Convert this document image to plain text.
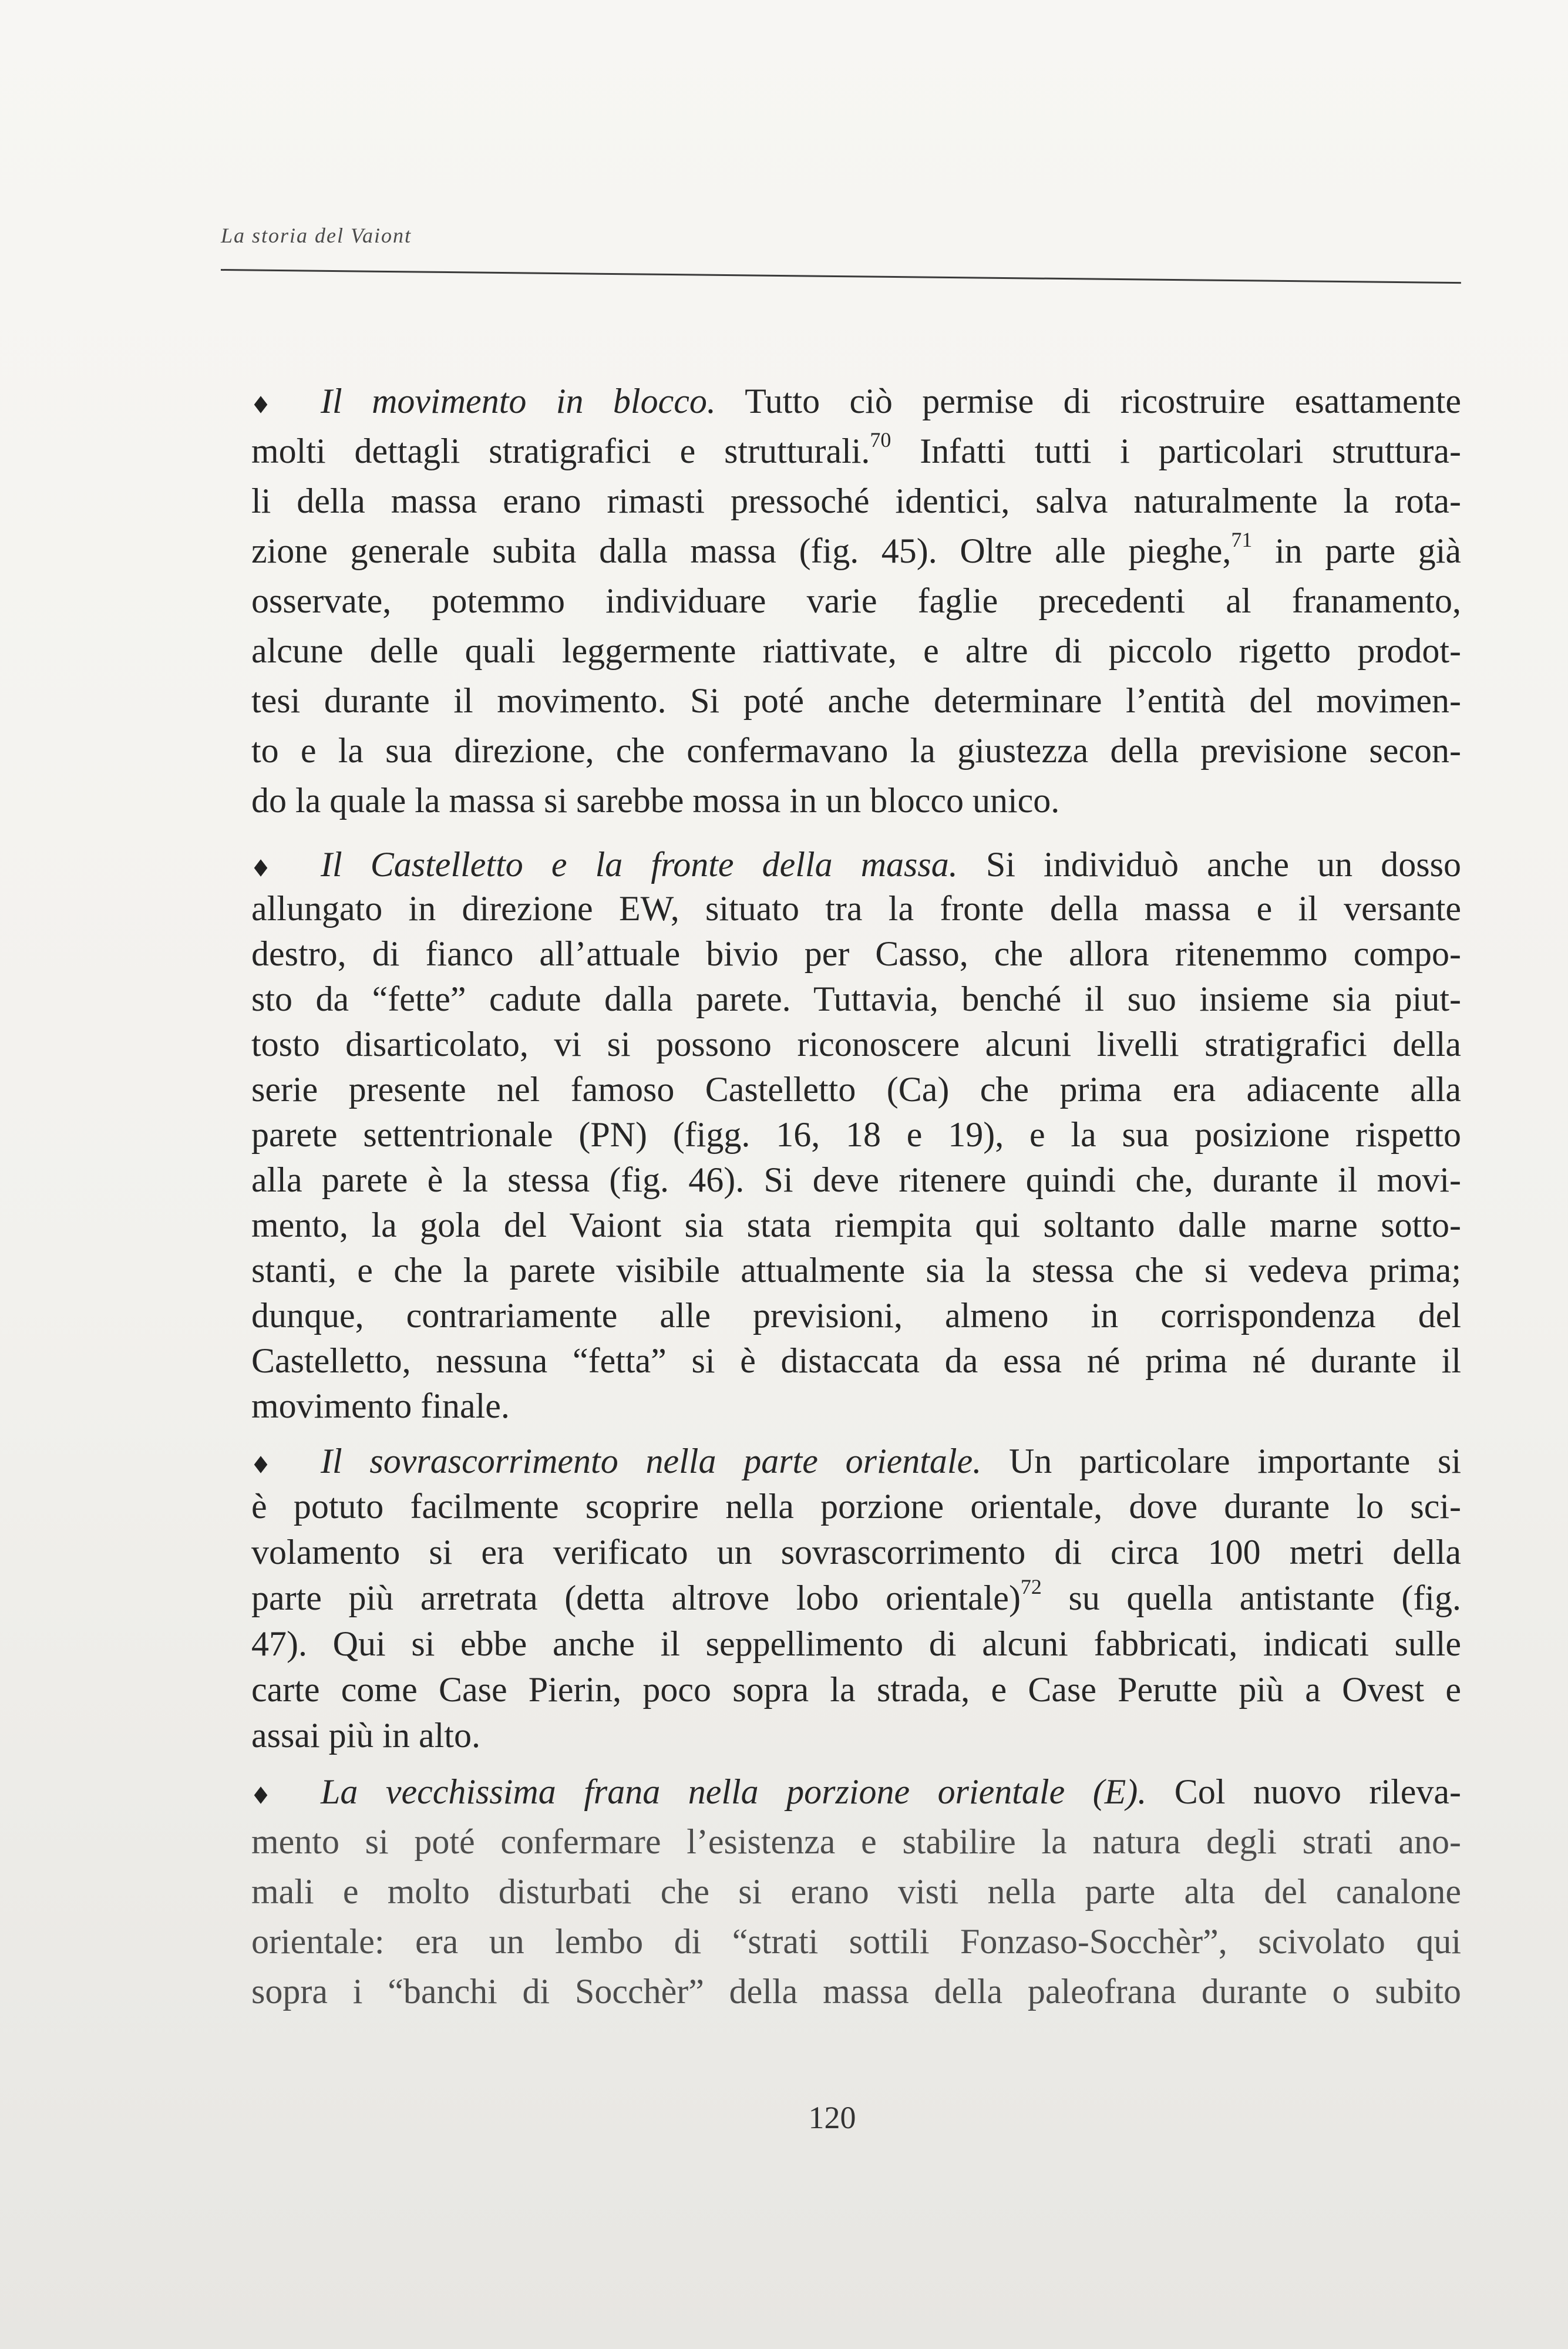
La storia del Vaiont
Il movimento in blocco. Tutto ciò permise di ricostruire esattamente
molti dettagli stratigrafici e strutturali.$^{70}$ Infatti tutti i particolari struttura-
li della massa erano rimasti pressoché identici, salva naturalmente la rota-
zione generale subita dalla massa (fig. 45). Oltre alle pieghe,$^{71}$ in parte già
osservate, potemmo individuare varie faglie precedenti al franamento,
alcune delle quali leggermente riattivate, e altre di piccolo rigetto prodot-
tesi durante il movimento. Si poté anche determinare l’entità del movimen-
to e la sua direzione, che confermavano la giustezza della previsione secon-
do la quale la massa si sarebbe mossa in un blocco unico.
Il Castelletto e la fronte della massa. Si individuò anche un dosso
allungato in direzione EW, situato tra la fronte della massa e il versante
destro, di fianco all’attuale bivio per Casso, che allora ritenemmo compo-
sto da “fette” cadute dalla parete. Tuttavia, benché il suo insieme sia piut-
tosto disarticolato, vi si possono riconoscere alcuni livelli stratigrafici della
serie presente nel famoso Castelletto (Ca) che prima era adiacente alla
parete settentrionale (PN) (figg. 16, 18 e 19), e la sua posizione rispetto
alla parete è la stessa (fig. 46). Si deve ritenere quindi che, durante il movi-
mento, la gola del Vaiont sia stata riempita qui soltanto dalle marne sotto-
stanti, e che la parete visibile attualmente sia la stessa che si vedeva prima;
dunque, contrariamente alle previsioni, almeno in corrispondenza del
Castelletto, nessuna “fetta” si è distaccata da essa né prima né durante il
movimento finale.
Il sovrascorrimento nella parte orientale. Un particolare importante si
è potuto facilmente scoprire nella porzione orientale, dove durante lo sci-
volamento si era verificato un sovrascorrimento di circa 100 metri della
parte più arretrata (detta altrove lobo orientale)$^{72}$ su quella antistante (fig.
47). Qui si ebbe anche il seppellimento di alcuni fabbricati, indicati sulle
carte come Case Pierin, poco sopra la strada, e Case Perutte più a Ovest e
assai più in alto.
La vecchissima frana nella porzione orientale (E). Col nuovo rileva-
mento si poté confermare l’esistenza e stabilire la natura degli strati ano-
mali e molto disturbati che si erano visti nella parte alta del canalone
orientale: era un lembo di “strati sottili Fonzaso-Socchèr”, scivolato qui
sopra i “banchi di Socchèr” della massa della paleofrana durante o subito
120
